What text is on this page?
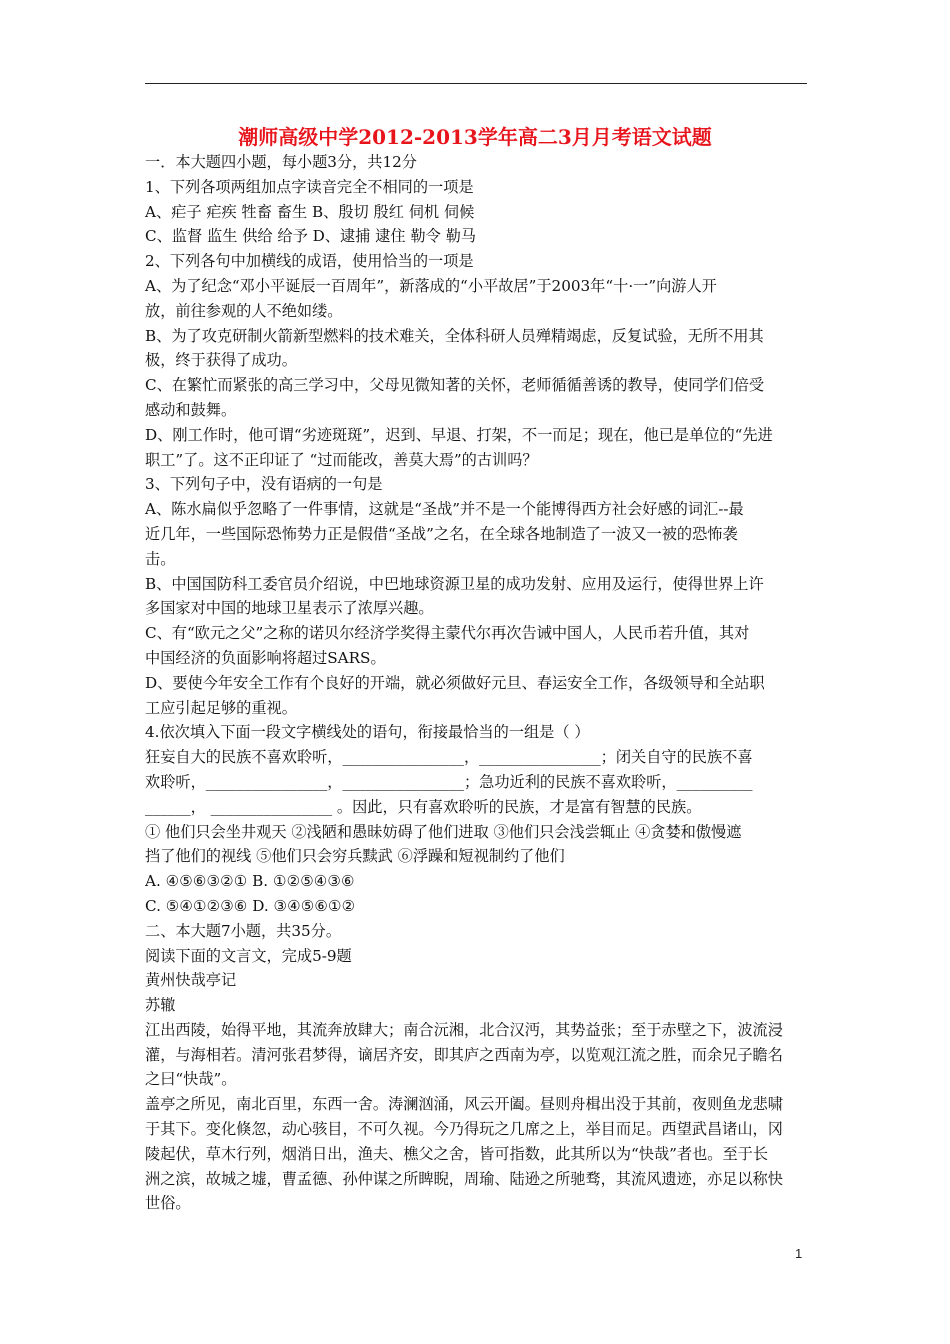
潮师高级中学2012-2013学年高二3月月考语文试题

一．本大题四小题，每小题3分，共12分

1、下列各项两组加点字读音完全不相同的一项是

A、疟子 疟疾 牲畜 畜生 B、殷切 殷红 伺机 伺候

C、监督 监生 供给 给予 D、逮捕 逮住 勒令 勒马

2、下列各句中加横线的成语，使用恰当的一项是

A、为了纪念“邓小平诞辰一百周年”，新落成的“小平故居”于2003年“十·一”向游人开

放，前往参观的人不绝如缕。

B、为了攻克研制火箭新型燃料的技术难关，全体科研人员殚精竭虑，反复试验，无所不用其

极，终于获得了成功。

C、在繁忙而紧张的高三学习中，父母见微知著的关怀，老师循循善诱的教导，使同学们倍受

感动和鼓舞。

D、刚工作时，他可谓“劣迹斑斑”，迟到、早退、打架，不一而足；现在，他已是单位的“先进

职工”了。这不正印证了 “过而能改，善莫大焉”的古训吗？

3、下列句子中，没有语病的一句是

A、陈水扁似乎忽略了一件事情，这就是“圣战”并不是一个能博得西方社会好感的词汇--最

近几年，一些国际恐怖势力正是假借“圣战”之名，在全球各地制造了一波又一被的恐怖袭

击。

B、中国国防科工委官员介绍说，中巴地球资源卫星的成功发射、应用及运行，使得世界上许

多国家对中国的地球卫星表示了浓厚兴趣。

C、有“欧元之父”之称的诺贝尔经济学奖得主蒙代尔再次告诫中国人，人民币若升值，其对

中国经济的负面影响将超过SARS。

D、要使今年安全工作有个良好的开端，就必须做好元旦、春运安全工作，各级领导和全站职

工应引起足够的重视。

4.依次填入下面一段文字横线处的语句，衔接最恰当的一组是（ ）

狂妄自大的民族不喜欢聆听，________________，________________；闭关自守的民族不喜

欢聆听，________________，________________；急功近利的民族不喜欢聆听，__________

______， ________________ 。因此，只有喜欢聆听的民族，才是富有智慧的民族。

① 他们只会坐井观天 ②浅陋和愚昧妨碍了他们进取 ③他们只会浅尝辄止 ④贪婪和傲慢遮

挡了他们的视线 ⑤他们只会穷兵黩武 ⑥浮躁和短视制约了他们

A. ④⑤⑥③②① B. ①②⑤④③⑥

C. ⑤④①②③⑥ D. ③④⑤⑥①②

二、本大题7小题，共35分。

阅读下面的文言文，完成5-9题

黄州快哉亭记

苏辙

江出西陵，始得平地，其流奔放肆大；南合沅湘，北合汉沔，其势益张；至于赤壁之下，波流浸

灌，与海相若。清河张君梦得，谪居齐安，即其庐之西南为亭，以览观江流之胜，而余兄子瞻名

之曰“快哉”。

盖亭之所见，南北百里，东西一舍。涛澜汹涌，风云开阖。昼则舟楫出没于其前，夜则鱼龙悲啸

于其下。变化倏忽，动心骇目，不可久视。今乃得玩之几席之上，举目而足。西望武昌诸山，冈

陵起伏，草木行列，烟消日出，渔夫、樵父之舍，皆可指数，此其所以为“快哉”者也。至于长

洲之滨，故城之墟，曹孟德、孙仲谋之所睥睨，周瑜、陆逊之所驰骛，其流风遗迹，亦足以称快

世俗。

1
